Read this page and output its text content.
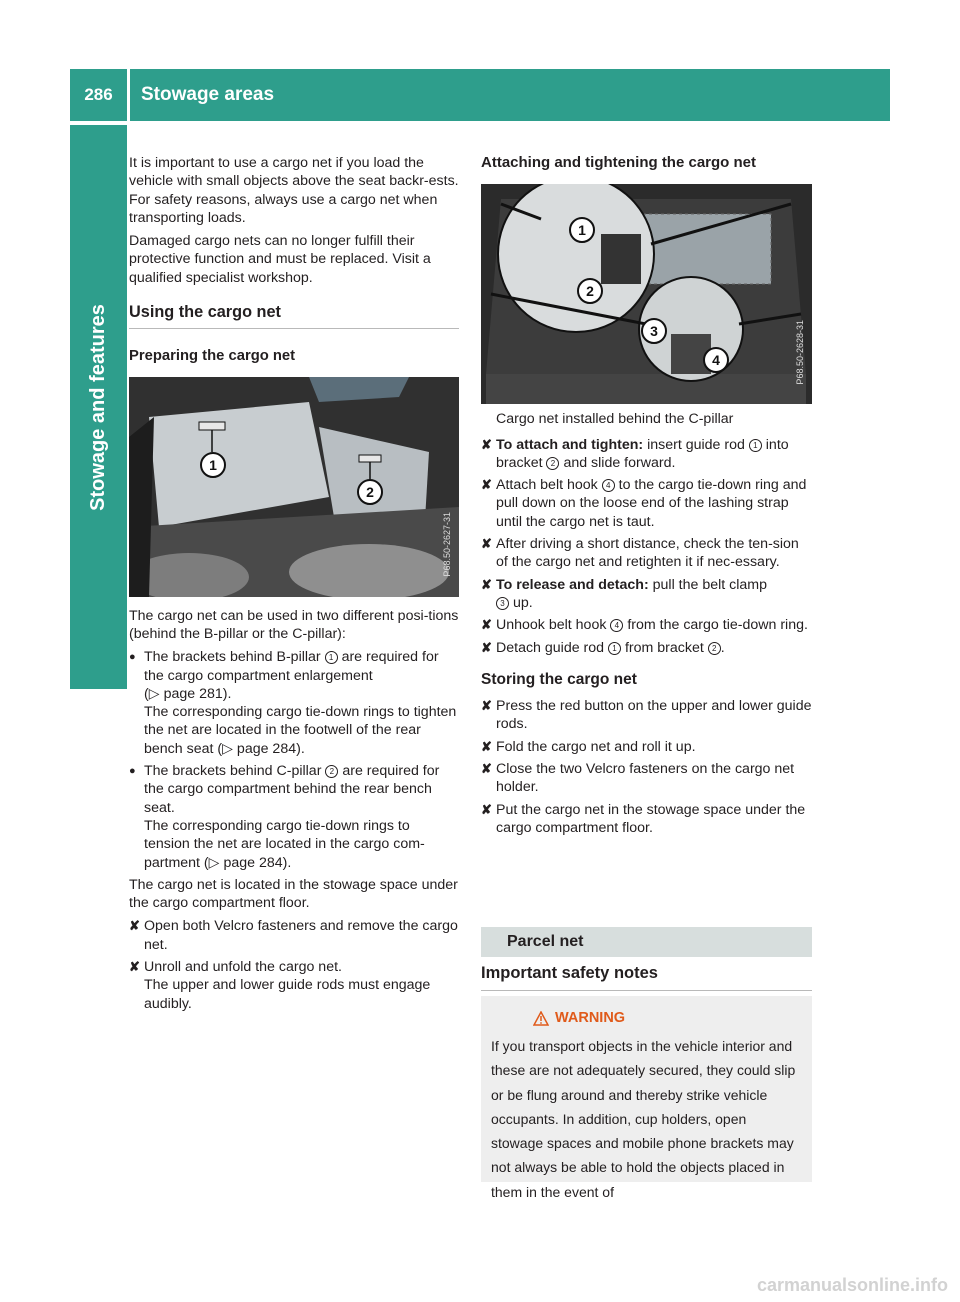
286	Stowage areas
Stowage and features

It is important to use a cargo net if you load the vehicle with small objects above the seat backr-ests. For safety reasons, always use a cargo net when transporting loads.

Damaged cargo nets can no longer fulfill their protective function and must be replaced. Visit a qualified specialist workshop.

Using the cargo net
Preparing the cargo net
1
2
P68.50-2627-31

The cargo net can be used in two different posi-tions (behind the B-pillar or the C-pillar):

● The brackets behind B-pillar 1 are required for the cargo compartment enlargement
(▷ page 281).
The corresponding cargo tie-down rings to tighten the net are located in the footwell of the rear bench seat (▷ page 284).
● The brackets behind C-pillar 2 are required for the cargo compartment behind the rear bench seat.
The corresponding cargo tie-down rings to tension the net are located in the cargo com-partment (▷ page 284).

The cargo net is located in the stowage space under the cargo compartment floor.

✘ Open both Velcro fasteners and remove the cargo net.
✘ Unroll and unfold the cargo net.
The upper and lower guide rods must engage audibly.
Attaching and tightening the cargo net
1
2
3
4	P68.50-2628-31

Cargo net installed behind the C-pillar

✘ To attach and tighten: insert guide rod 1 into bracket 2 and slide forward.
✘ Attach belt hook 4 to the cargo tie-down ring and pull down on the loose end of the lashing strap until the cargo net is taut.
✘ After driving a short distance, check the ten-sion of the cargo net and retighten it if nec-essary.
✘ To release and detach: pull the belt clamp
3 up.
✘ Unhook belt hook 4 from the cargo tie-down ring.
✘ Detach guide rod 1 from bracket 2 .
Storing the cargo net
✘ Press the red button on the upper and lower guide rods.
✘ Fold the cargo net and roll it up.
✘ Close the two Velcro fasteners on the cargo net holder.
✘ Put the cargo net in the stowage space under the cargo compartment floor.
Parcel net
Important safety notes
WARNING

If you transport objects in the vehicle interior and these are not adequately secured, they could slip or be flung around and thereby strike vehicle occupants. In addition, cup holders, open stowage spaces and mobile phone brackets may not always be able to hold the objects placed in them in the event of

carmanualsonline.info
